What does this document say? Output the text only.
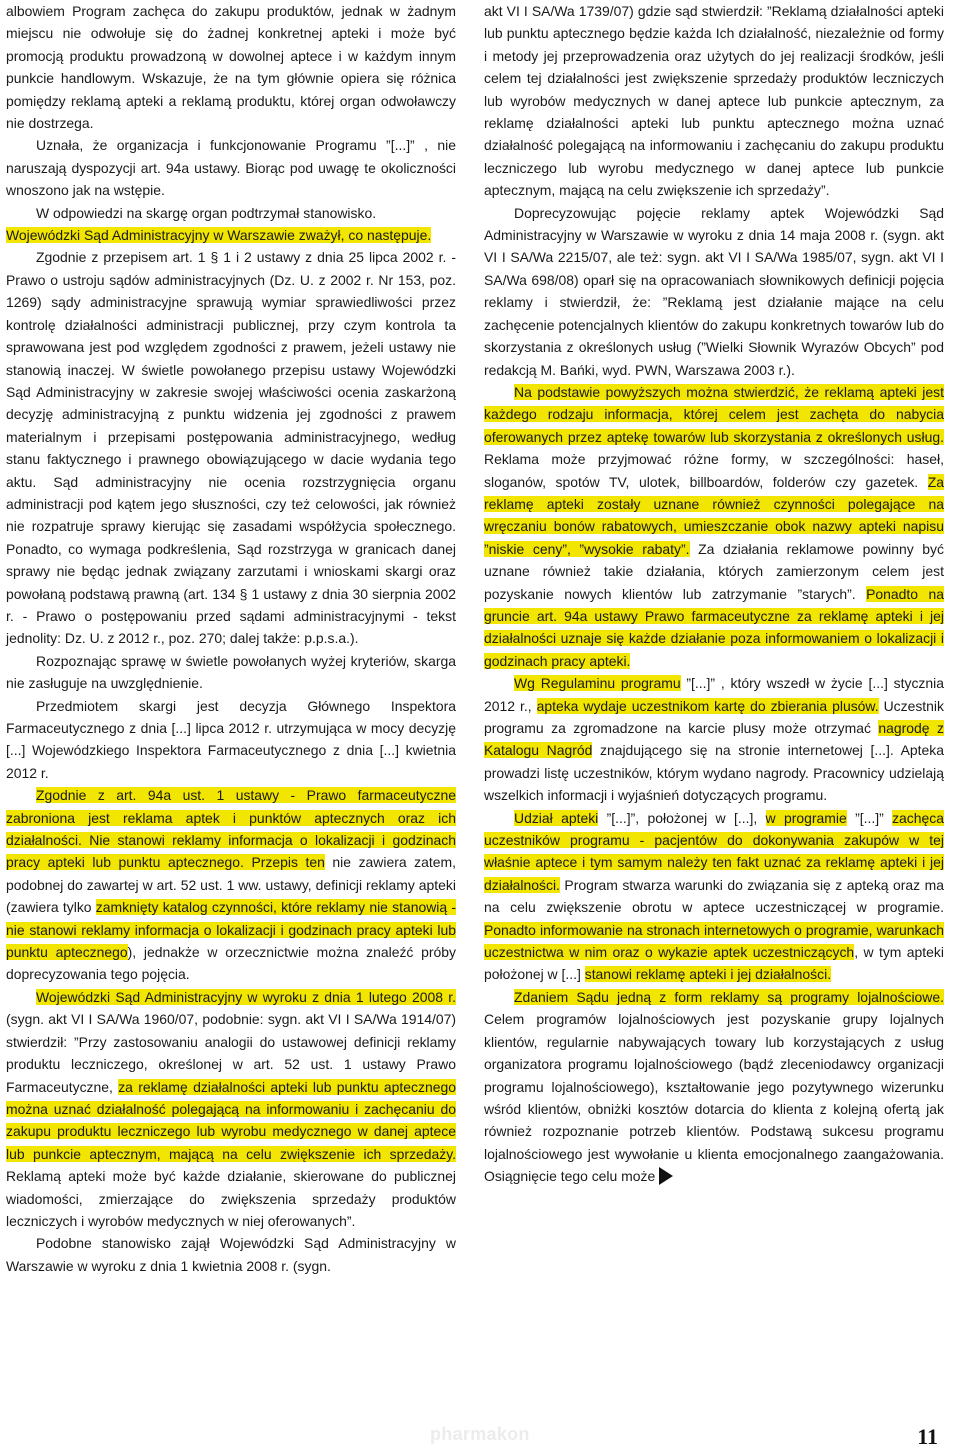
albowiem Program zachęca do zakupu produktów, jednak w żadnym miejscu nie odwołuje się do żadnej konkretnej apteki i może być promocją produktu prowadzoną w dowolnej aptece i w każdym innym punkcie handlowym. Wskazuje, że na tym głównie opiera się różnica pomiędzy reklamą apteki a reklamą produktu, której organ odwoławczy nie dostrzega.

Uznała, że organizacja i funkcjonowanie Programu ”[...]” , nie naruszają dyspozycji art. 94a ustawy. Biorąc pod uwagę te okoliczności wnoszono jak na wstępie.

W odpowiedzi na skargę organ podtrzymał stanowisko.

Wojewódzki Sąd Administracyjny w Warszawie zważył, co następuje.

Zgodnie z przepisem art. 1 § 1 i 2 ustawy z dnia 25 lipca 2002 r. - Prawo o ustroju sądów administracyjnych (Dz. U. z 2002 r. Nr 153, poz. 1269) sądy administracyjne sprawują wymiar sprawiedliwości przez kontrolę działalności administracji publicznej, przy czym kontrola ta sprawowana jest pod względem zgodności z prawem, jeżeli ustawy nie stanowią inaczej. W świetle powołanego przepisu ustawy Wojewódzki Sąd Administracyjny w zakresie swojej właściwości ocenia zaskarżoną decyzję administracyjną z punktu widzenia jej zgodności z prawem materialnym i przepisami postępowania administracyjnego, według stanu faktycznego i prawnego obowiązującego w dacie wydania tego aktu. Sąd administracyjny nie ocenia rozstrzygnięcia organu administracji pod kątem jego słuszności, czy też celowości, jak również nie rozpatruje sprawy kierując się zasadami współżycia społecznego. Ponadto, co wymaga podkreślenia, Sąd rozstrzyga w granicach danej sprawy nie będąc jednak związany zarzutami i wnioskami skargi oraz powołaną podstawą prawną (art. 134 § 1 ustawy z dnia 30 sierpnia 2002 r. - Prawo o postępowaniu przed sądami administracyjnymi - tekst jednolity: Dz. U. z 2012 r., poz. 270; dalej także: p.p.s.a.).

Rozpoznając sprawę w świetle powołanych wyżej kryteriów, skarga nie zasługuje na uwzględnienie.

Przedmiotem skargi jest decyzja Głównego Inspektora Farmaceutycznego z dnia [...] lipca 2012 r. utrzymująca w mocy decyzję [...] Wojewódzkiego Inspektora Farmaceutycznego z dnia [...] kwietnia 2012 r.

Zgodnie z art. 94a ust. 1 ustawy - Prawo farmaceutyczne zabroniona jest reklama aptek i punktów aptecznych oraz ich działalności. Nie stanowi reklamy informacja o lokalizacji i godzinach pracy apteki lub punktu aptecznego. Przepis ten nie zawiera zatem, podobnej do zawartej w art. 52 ust. 1 ww. ustawy, definicji reklamy apteki (zawiera tylko zamknięty katalog czynności, które reklamy nie stanowią - nie stanowi reklamy informacja o lokalizacji i godzinach pracy apteki lub punktu aptecznego), jednakże w orzecznictwie można znaleźć próby doprecyzowania tego pojęcia.

Wojewódzki Sąd Administracyjny w wyroku z dnia 1 lutego 2008 r. (sygn. akt VI I SA/Wa 1960/07, podobnie: sygn. akt VI I SA/Wa 1914/07) stwierdził: ”Przy zastosowaniu analogii do ustawowej definicji reklamy produktu leczniczego, określonej w art. 52 ust. 1 ustawy Prawo Farmaceutyczne, za reklamę działalności apteki lub punktu aptecznego można uznać działalność polegającą na informowaniu i zachęcaniu do zakupu produktu leczniczego lub wyrobu medycznego w danej aptece lub punkcie aptecznym, mającą na celu zwiększenie ich sprzedaży. Reklamą apteki może być każde działanie, skierowane do publicznej wiadomości, zmierzające do zwiększenia sprzedaży produktów leczniczych i wyrobów medycznych w niej oferowanych”.

Podobne stanowisko zajął Wojewódzki Sąd Administracyjny w Warszawie w wyroku z dnia 1 kwietnia 2008 r. (sygn.

akt VI I SA/Wa 1739/07) gdzie sąd stwierdził: ”Reklamą działalności apteki lub punktu aptecznego będzie każda Ich działalność, niezależnie od formy i metody jej przeprowadzenia oraz użytych do jej realizacji środków, jeśli celem tej działalności jest zwiększenie sprzedaży produktów leczniczych lub wyrobów medycznych w danej aptece lub punkcie aptecznym, za reklamę działalności apteki lub punktu aptecznego można uznać działalność polegającą na informowaniu i zachęcaniu do zakupu produktu leczniczego lub wyrobu medycznego w danej aptece lub punkcie aptecznym, mającą na celu zwiększenie ich sprzedaży”.

Doprecyzowując pojęcie reklamy aptek Wojewódzki Sąd Administracyjny w Warszawie w wyroku z dnia 14 maja 2008 r. (sygn. akt VI I SA/Wa 2215/07, ale też: sygn. akt VI I SA/Wa 1985/07, sygn. akt VI I SA/Wa 698/08) oparł się na opracowaniach słownikowych definicji pojęcia reklamy i stwierdził, że: ”Reklamą jest działanie mające na celu zachęcenie potencjalnych klientów do zakupu konkretnych towarów lub do skorzystania z określonych usług (”Wielki Słownik Wyrazów Obcych” pod redakcją M. Bańki, wyd. PWN, Warszawa 2003 r.).

Na podstawie powyższych można stwierdzić, że reklamą apteki jest każdego rodzaju informacja, której celem jest zachęta do nabycia oferowanych przez aptekę towarów lub skorzystania z określonych usług. Reklama może przyjmować różne formy, w szczególności: haseł, sloganów, spotów TV, ulotek, billboardów, folderów czy gazetek. Za reklamę apteki zostały uznane również czynności polegające na wręczaniu bonów rabatowych, umieszczanie obok nazwy apteki napisu ”niskie ceny”, ”wysokie rabaty”. Za działania reklamowe powinny być uznane również takie działania, których zamierzonym celem jest pozyskanie nowych klientów lub zatrzymanie ”starych”. Ponadto na gruncie art. 94a ustawy Prawo farmaceutyczne za reklamę apteki i jej działalności uznaje się każde działanie poza informowaniem o lokalizacji i godzinach pracy apteki.

Wg Regulaminu programu ”[...]” , który wszedł w życie [...] stycznia 2012 r., apteka wydaje uczestnikom kartę do zbierania plusów. Uczestnik programu za zgromadzone na karcie plusy może otrzymać nagrodę z Katalogu Nagród znajdującego się na stronie internetowej [...]. Apteka prowadzi listę uczestników, którym wydano nagrody. Pracownicy udzielają wszelkich informacji i wyjaśnień dotyczących programu.

Udział apteki ”[...]”, położonej w [...], w programie ”[...]” zachęca uczestników programu - pacjentów do dokonywania zakupów w tej właśnie aptece i tym samym należy ten fakt uznać za reklamę apteki i jej działalności. Program stwarza warunki do związania się z apteką oraz ma na celu zwiększenie obrotu w aptece uczestniczącej w programie. Ponadto informowanie na stronach internetowych o programie, warunkach uczestnictwa w nim oraz o wykazie aptek uczestniczących, w tym apteki położonej w [...] stanowi reklamę apteki i jej działalności.

Zdaniem Sądu jedną z form reklamy są programy lojalnościowe. Celem programów lojalnościowych jest pozyskanie grupy lojalnych klientów, regularnie nabywających towary lub korzystających z usług organizatora programu lojalnościowego (bądź zleceniodawcy organizacji programu lojalnościowego), kształtowanie jego pozytywnego wizerunku wśród klientów, obniżki kosztów dotarcia do klienta z kolejną ofertą jak również rozpoznanie potrzeb klientów. Podstawą sukcesu programu lojalnościowego jest wywołanie u klienta emocjonalnego zaangażowania. Osiągnięcie tego celu może

pharmakon	11
